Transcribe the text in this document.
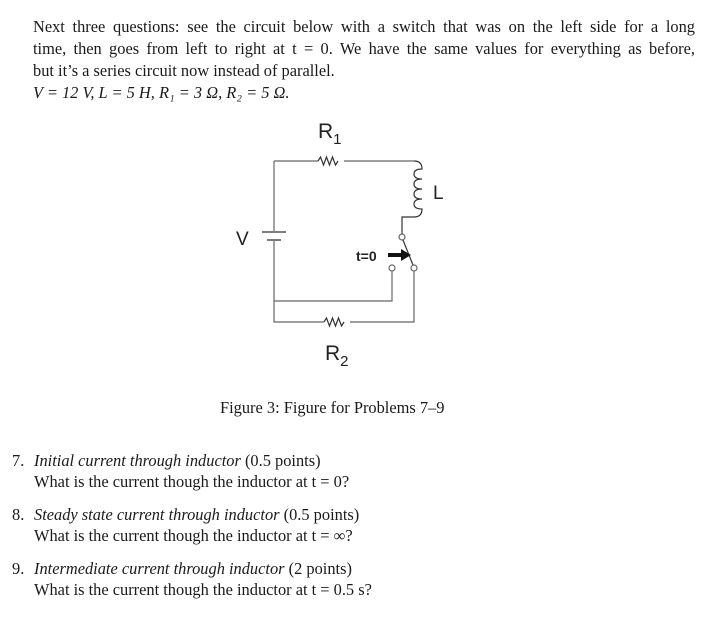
Next three questions: see the circuit below with a switch that was on the left side for a long
time, then goes from left to right at t = 0. We have the same values for everything as before,
but it’s a series circuit now instead of parallel.
V = 12 V, L = 5 H, R₁ = 3 Ω, R₂ = 5 Ω.
$R_1$
$R_2$
L
V
t=0
Figure 3: Figure for Problems 7–9
7. Initial current through inductor (0.5 points)
What is the current though the inductor at t = 0?
8. Steady state current through inductor (0.5 points)
What is the current though the inductor at t = ∞?
9. Intermediate current through inductor (2 points)
What is the current though the inductor at t = 0.5 s?
